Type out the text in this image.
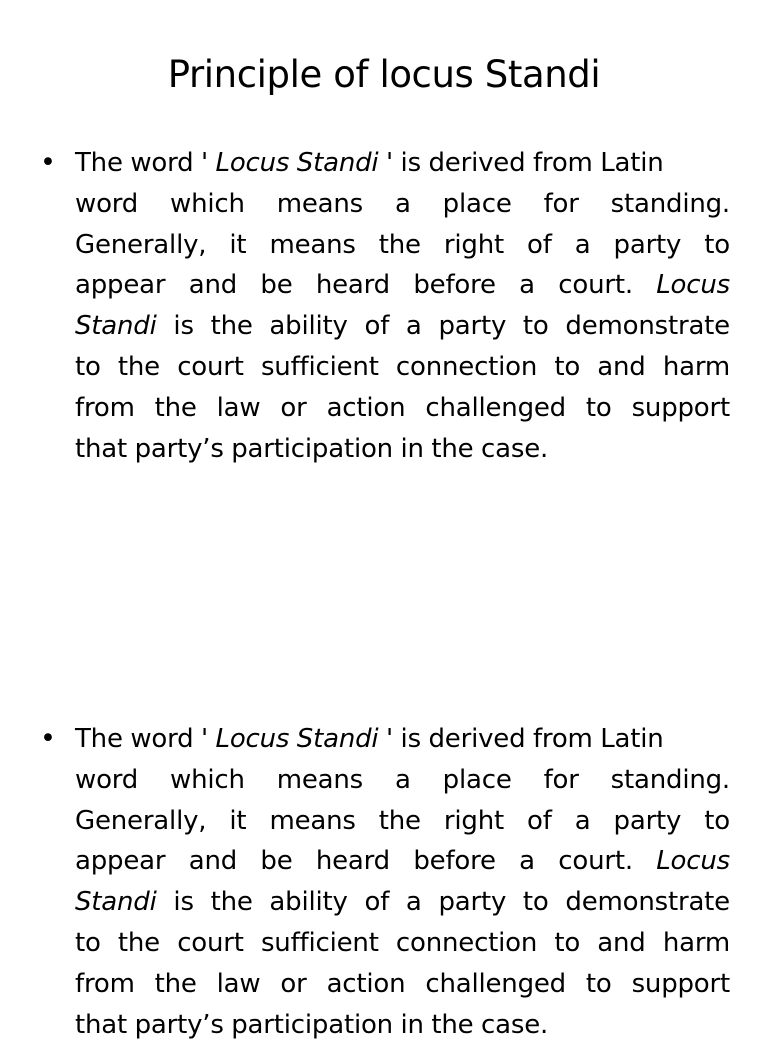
Principle of locus Standi
• The word ' Locus Standi ' is derived from Latin
word which means a place for standing.
Generally, it means the right of a party to
appear and be heard before a court. Locus
Standi is the ability of a party to demonstrate
to the court sufficient connection to and harm
from the law or action challenged to support
that party’s participation in the case.
• The word ' Locus Standi ' is derived from Latin
word which means a place for standing.
Generally, it means the right of a party to
appear and be heard before a court. Locus
Standi is the ability of a party to demonstrate
to the court sufficient connection to and harm
from the law or action challenged to support
that party’s participation in the case.
